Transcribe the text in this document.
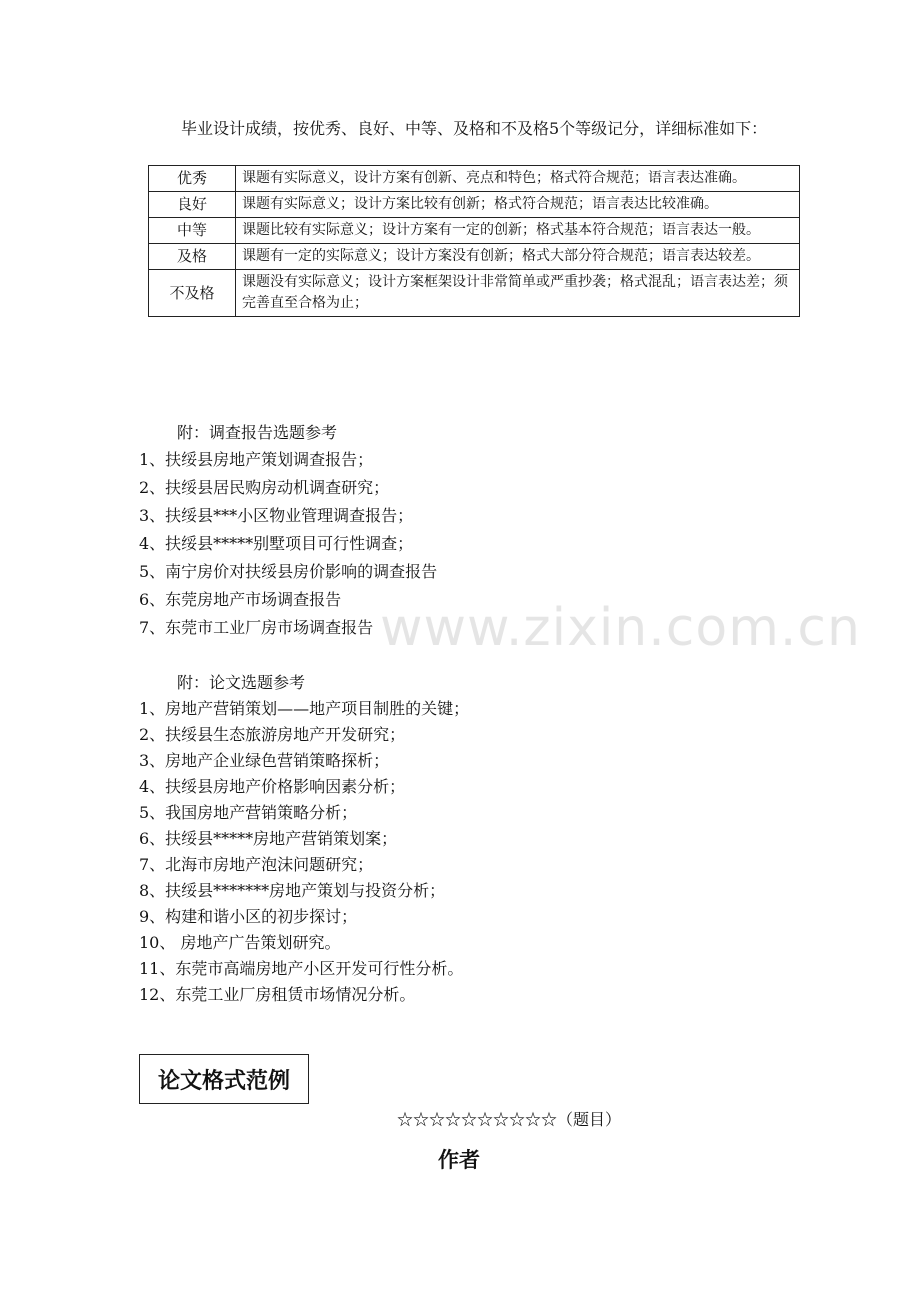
毕业设计成绩，按优秀、良好、中等、及格和不及格5个等级记分，详细标准如下：
优秀	课题有实际意义，设计方案有创新、亮点和特色；格式符合规范；语言表达准确。
良好	课题有实际意义；设计方案比较有创新；格式符合规范；语言表达比较准确。
中等	课题比较有实际意义；设计方案有一定的创新；格式基本符合规范；语言表达一般。
及格	课题有一定的实际意义；设计方案没有创新；格式大部分符合规范；语言表达较差。
不及格	课题没有实际意义；设计方案框架设计非常简单或严重抄袭；格式混乱；语言表达差；须完善直至合格为止；
附：调查报告选题参考
1、扶绥县房地产策划调查报告；
2、扶绥县居民购房动机调查研究；
3、扶绥县***小区物业管理调查报告；
4、扶绥县*****别墅项目可行性调查；
5、南宁房价对扶绥县房价影响的调查报告
6、东莞房地产市场调查报告
7、东莞市工业厂房市场调查报告 www.zixin.com.cn
附：论文选题参考
1、房地产营销策划——地产项目制胜的关键；
2、扶绥县生态旅游房地产开发研究；
3、房地产企业绿色营销策略探析；
4、扶绥县房地产价格影响因素分析；
5、我国房地产营销策略分析；
6、扶绥县*****房地产营销策划案；
7、北海市房地产泡沫问题研究；
8、扶绥县*******房地产策划与投资分析；
9、构建和谐小区的初步探讨；
10、 房地产广告策划研究。
11、东莞市高端房地产小区开发可行性分析。
12、东莞工业厂房租赁市场情况分析。
论文格式范例
☆☆☆☆☆☆☆☆☆☆（题目）
作者
